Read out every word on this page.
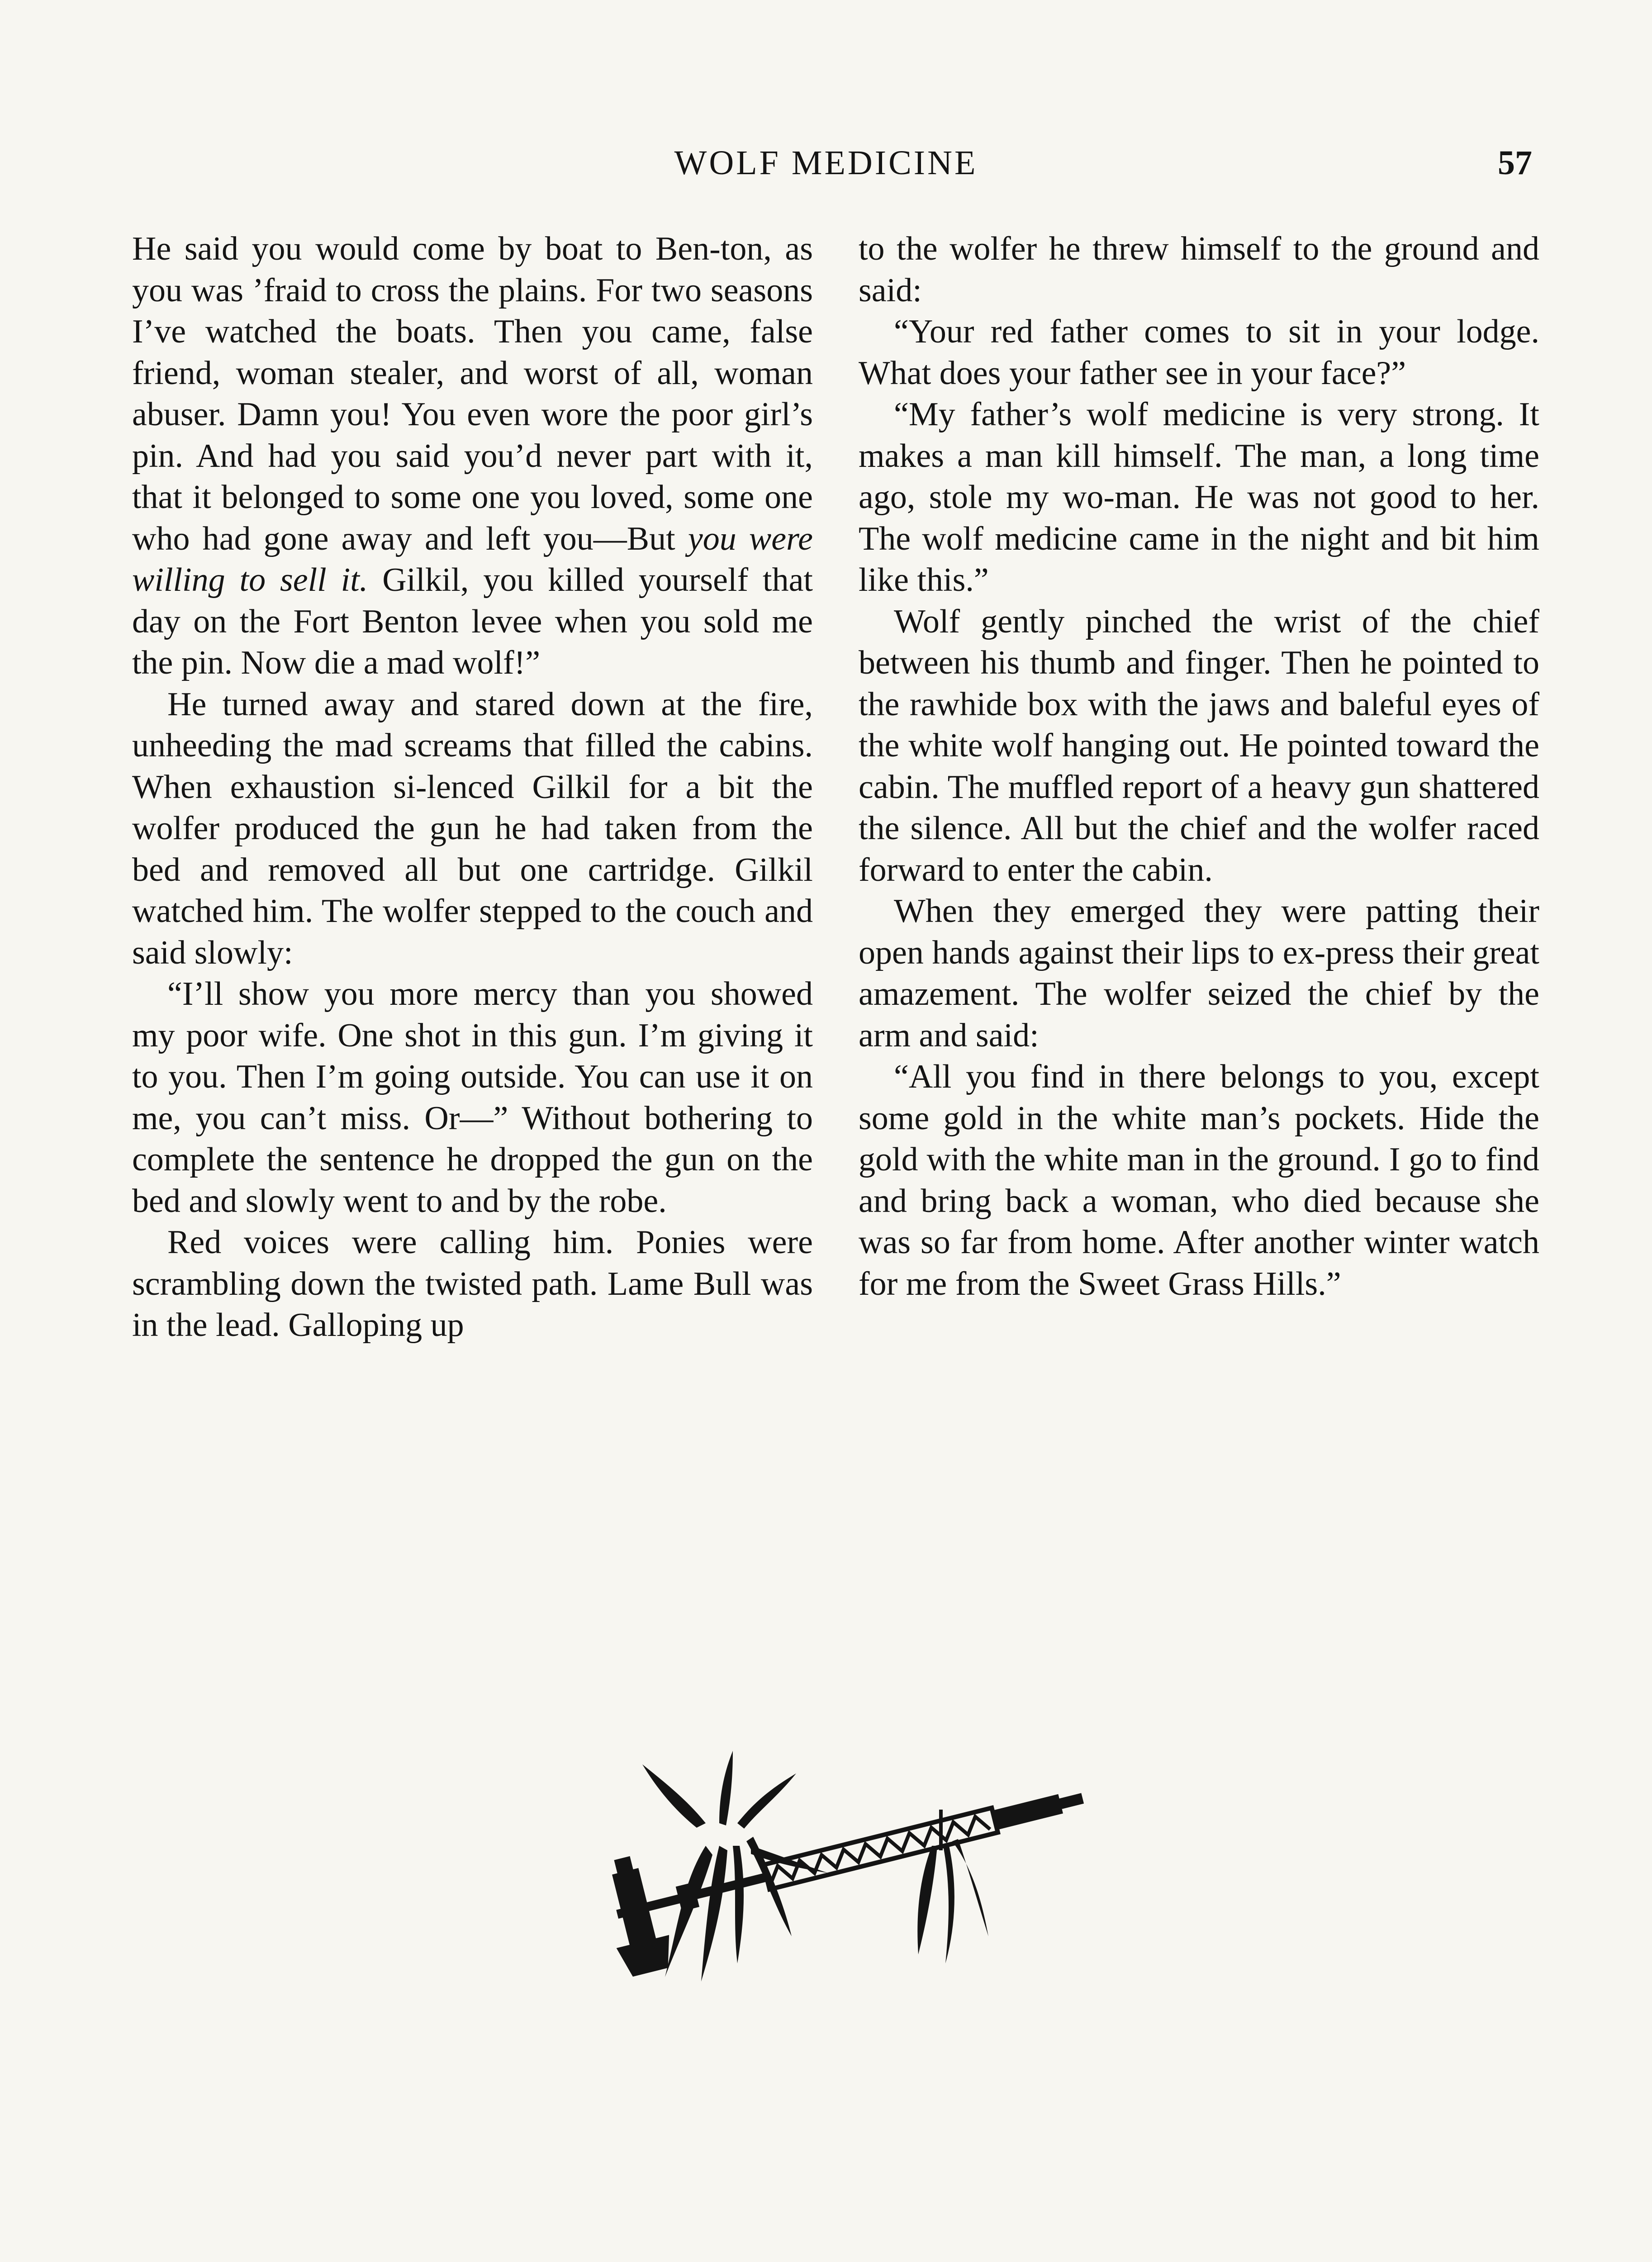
WOLF MEDICINE	57

He said you would come by boat to Ben-ton, as you was ’fraid to cross the plains. For two seasons I’ve watched the boats. Then you came, false friend, woman stealer, and worst of all, woman abuser. Damn you! You even wore the poor girl’s pin. And had you said you’d never part with it, that it belonged to some one you loved, some one who had gone away and left you—But you were willing to sell it. Gilkil, you killed yourself that day on the Fort Benton levee when you sold me the pin. Now die a mad wolf!”

He turned away and stared down at the fire, unheeding the mad screams that filled the cabins. When exhaustion si-lenced Gilkil for a bit the wolfer produced the gun he had taken from the bed and removed all but one cartridge. Gilkil watched him. The wolfer stepped to the couch and said slowly:

“I’ll show you more mercy than you showed my poor wife. One shot in this gun. I’m giving it to you. Then I’m going outside. You can use it on me, you can’t miss. Or—” Without bothering to complete the sentence he dropped the gun on the bed and slowly went to and by the robe.

Red voices were calling him. Ponies were scrambling down the twisted path. Lame Bull was in the lead. Galloping up

to the wolfer he threw himself to the ground and said:

“Your red father comes to sit in your lodge. What does your father see in your face?”

“My father’s wolf medicine is very strong. It makes a man kill himself. The man, a long time ago, stole my wo-man. He was not good to her. The wolf medicine came in the night and bit him like this.”

Wolf gently pinched the wrist of the chief between his thumb and finger. Then he pointed to the rawhide box with the jaws and baleful eyes of the white wolf hanging out. He pointed toward the cabin. The muffled report of a heavy gun shattered the silence. All but the chief and the wolfer raced forward to enter the cabin.

When they emerged they were patting their open hands against their lips to ex-press their great amazement. The wolfer seized the chief by the arm and said:

“All you find in there belongs to you, except some gold in the white man’s pockets. Hide the gold with the white man in the ground. I go to find and bring back a woman, who died because she was so far from home. After another winter watch for me from the Sweet Grass Hills.”
